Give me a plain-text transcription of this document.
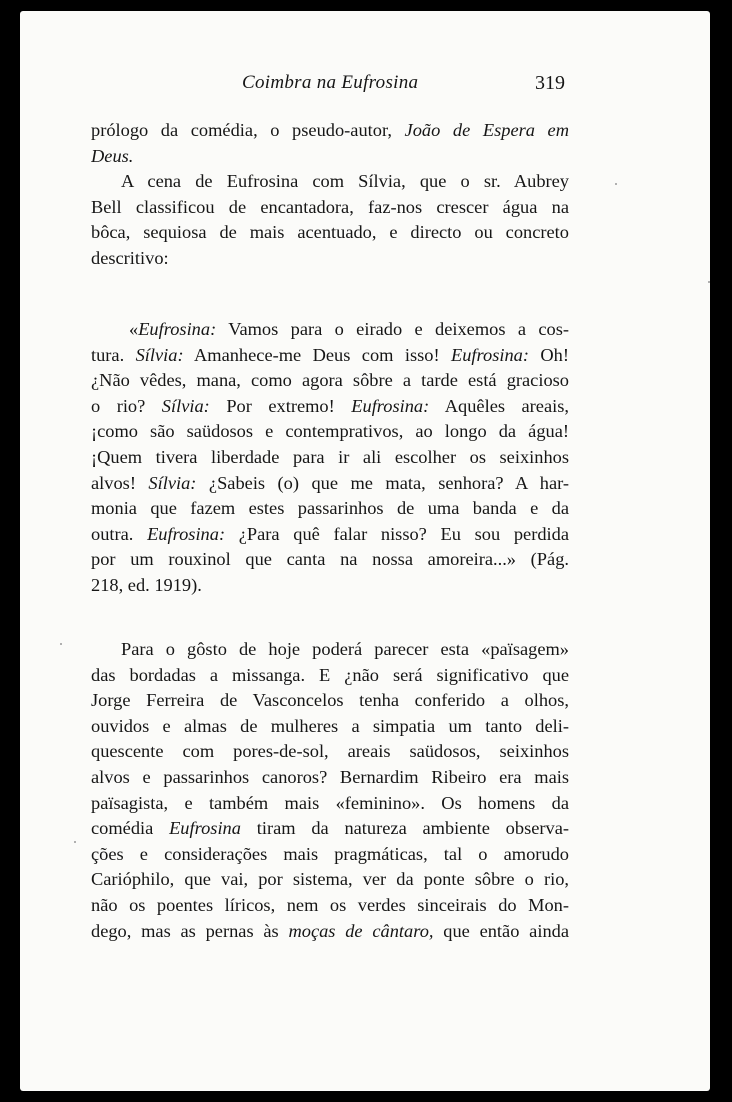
Coimbra na Eufrosina	319
prólogo da comédia, o pseudo-autor, João de Espera em
Deus.
A cena de Eufrosina com Sílvia, que o sr. Aubrey
Bell classificou de encantadora, faz-nos crescer água na
bôca, sequiosa de mais acentuado, e directo ou concreto
descritivo:
«Eufrosina: Vamos para o eirado e deixemos a cos-
tura. Sílvia: Amanhece-me Deus com isso! Eufrosina: Oh!
¿Não vêdes, mana, como agora sôbre a tarde está gracioso
o rio? Sílvia: Por extremo! Eufrosina: Aquêles areais,
¡como são saüdosos e contemprativos, ao longo da água!
¡Quem tivera liberdade para ir ali escolher os seixinhos
alvos! Sílvia: ¿Sabeis (o) que me mata, senhora? A har-
monia que fazem estes passarinhos de uma banda e da
outra. Eufrosina: ¿Para quê falar nisso? Eu sou perdida
por um rouxinol que canta na nossa amoreira...» (Pág.
218, ed. 1919).
Para o gôsto de hoje poderá parecer esta «païsagem»
das bordadas a missanga. E ¿não será significativo que
Jorge Ferreira de Vasconcelos tenha conferido a olhos,
ouvidos e almas de mulheres a simpatia um tanto deli-
quescente com pores-de-sol, areais saüdosos, seixinhos
alvos e passarinhos canoros? Bernardim Ribeiro era mais
païsagista, e também mais «feminino». Os homens da
comédia Eufrosina tiram da natureza ambiente observa-
ções e considerações mais pragmáticas, tal o amorudo
Carióphilo, que vai, por sistema, ver da ponte sôbre o rio,
não os poentes líricos, nem os verdes sinceirais do Mon-
dego, mas as pernas às moças de cântaro, que então ainda
